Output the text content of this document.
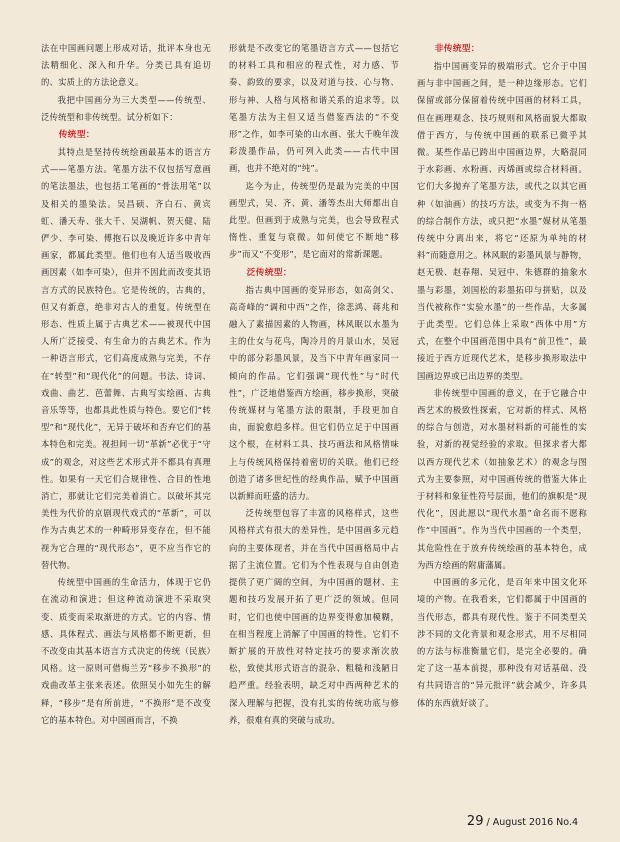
法在中国画问题上形成对话，批评本身也无法精细化、深入和升华。分类已具有追切的、实质上的方法论意义。

我把中国画分为三大类型——传统型、泛传统型和非传统型。试分析如下：

传统型：

其特点是坚持传统绘画最基本的语言方式——笔墨方法。笔墨方法不仅包括写意画的笔法墨法，也包括工笔画的“骨法用笔”以及相关的墨染法。吴昌硕、齐白石、黄宾虹、潘天寿、张大千、吴湖帆、贺天健、陆俨少、李可染、傅抱石以及晚近许多中青年画家，都属此类型。他们也有人适当吸收西画因素（如李可染），但并不因此而改变其语言方式的民族特色。它是传统的，古典的，但又有新意，绝非对古人的重复。传统型在形态、性质上属于古典艺术——被现代中国人所广泛接受、有生命力的古典艺术。作为一种语言形式，它们高度成熟与完美，不存在“转型”和“现代化”的问题。书法、诗词、戏曲、曲艺、芭蕾舞、古典写实绘画、古典音乐等等，也都具此性质与特色。要它们“转型”和“现代化”，无异于破坏和否弃它们的基本特色和完美。视担间一切“革新”必优于“守成”的观念，对这些艺术形式并不都具有真理性。如果有一天它们合规律性、合目的性地消亡，那就让它们完美着消亡。以破坏其完美性为代价的京剧现代戏式的“革新”，可以作为古典艺术的一种畸形异变存在，但不能视为它合理的“现代形态”，更不应当作它的替代物。

传统型中国画的生命活力，体现于它仍在流动和演进；但这种流动演进不采取突变、质变而采取渐进的方式。它的内容、情感、具体程式、画法与风格都不断更新，但不改变由其基本语言方式决定的传统（民族）风格。这一原则可借梅兰芳“移步不换形”的戏曲改革主张来表述。依照吴小如先生的解释，“移步”是有所前进，“不换形”是不改变它的基本特色。对中国画而言，不换

形就是不改变它的笔墨语言方式——包括它的材料工具和相应的程式性，对力感、节奏、韵致的要求，以及对道与技、心与物、形与神、人格与风格和谐关系的追求等。以笔墨方法为主但又适当借鉴西法的“不变形”之作，如李可染的山水画、张大千晚年泼彩泼墨作品，仍可列入此类——古代中国画，也并不绝对的“纯”。

迄今为止，传统型仍是最为完美的中国画型式，吴、齐、黄、潘等杰出大师都出自此型。但画到于成熟与完美，也会导致程式惰性、重复与衰微。如何使它不断地“移步”而又“不变形”，是它面对的常新课题。

泛传统型：

指古典中国画的变异形态，如高剑父、高奇峰的“调和中西”之作，徐悲鸿、蒋兆和融入了素描因素的人物画，林风眠以水墨为主的仕女与花鸟，陶冷月的月景山水，吴冠中的部分彩墨风景，及当下中青年画家同一倾向的作品。它们强调“现代性”与“时代性”，广泛地借鉴西方绘画，移步换形，突破传统媒材与笔墨方法的限制，手段更加自由，面貌愈趋多样。但它们仍立足于中国画这个根，在材料工具、技巧画法和风格情味上与传统风格保持着密切的关联。他们已经创造了诸多世纪性的经典作品，赋予中国画以新鲜而旺盛的活力。

泛传统型包容了丰富的风格样式，这些风格样式有很大的差异性，是中国画多元趋向的主要体现者，并在当代中国画格局中占据了主流位置。它们为个性表现与自由创造提供了更广阔的空间，为中国画的题材、主题和技巧发展开拓了更广泛的领域。但同时，它们也使中国画的边界变得愈加模糊，在相当程度上消解了中国画的特性。它们不断扩展的开放性对特定技巧的要求渐次放松，致使其形式语言的混杂、粗糙和浅陋日趋严重。经验表明，缺乏对中西两种艺术的深入理解与把握，没有扎实的传统功底与修养，很难有真的突破与成功。

非传统型：

指中国画变异的极端形式。它介于中国画与非中国画之间，是一种边缘形态。它们保留或部分保留着传统中国画的材料工具，但在画理观念、技巧规则和风格面貌大都取借于西方，与传统中国画的联系已微乎其微。某些作品已跨出中国画边界，大略混同于水彩画、水粉画、丙烯画或综合材料画。它们大多抛弃了笔墨方法，或代之以其它画种（如油画）的技巧方法，或变为不拘一格的综合制作方法，或只把“水墨”媒材从笔墨传统中分离出来，将它“还原为单纯的材料”而随意用之。林风眠的彩墨风景与静物，赵无极、赵春翔、吴冠中、朱德群的抽象水墨与彩墨，刘国松的彩墨拓印与拼贴，以及当代被称作“实验水墨”的一些作品，大多属于此类型。它们总体上采取“西体中用”方式，在整个中国画范围中具有“前卫性”，最接近于西方近现代艺术，是移步换形取法中国画边界或已出边界的类型。

非传统型中国画的意义，在于它融合中西艺术的极致性探索，它对新的样式、风格的综合与创造，对水墨材料新的可能性的实验，对新的视觉经验的求取。但探求者大都以西方现代艺术（如抽象艺术）的观念与图式为主要参照，对中国画传统的借鉴大体止于材料和象征性符号层面，他们的旗帜是“现代化”，因此愿以“现代水墨”命名而不愿称作“中国画”。作为当代中国画的一个类型，其危险性在于放弃传统绘画的基本特色，成为西方绘画的附庸藩属。

中国画的多元化，是百年来中国文化环境的产物。在我看来，它们都属于中国画的当代形态，都具有现代性。鉴于不同类型关涉不同的文化背景和观念形式，用不尽相同的方法与标准衡量它们，是完全必要的。确定了这一基本前提，那种没有对话基础、没有共同语言的“异元批评”就会减少，许多具体的东西就好谈了。

29 / August 2016 No.4
